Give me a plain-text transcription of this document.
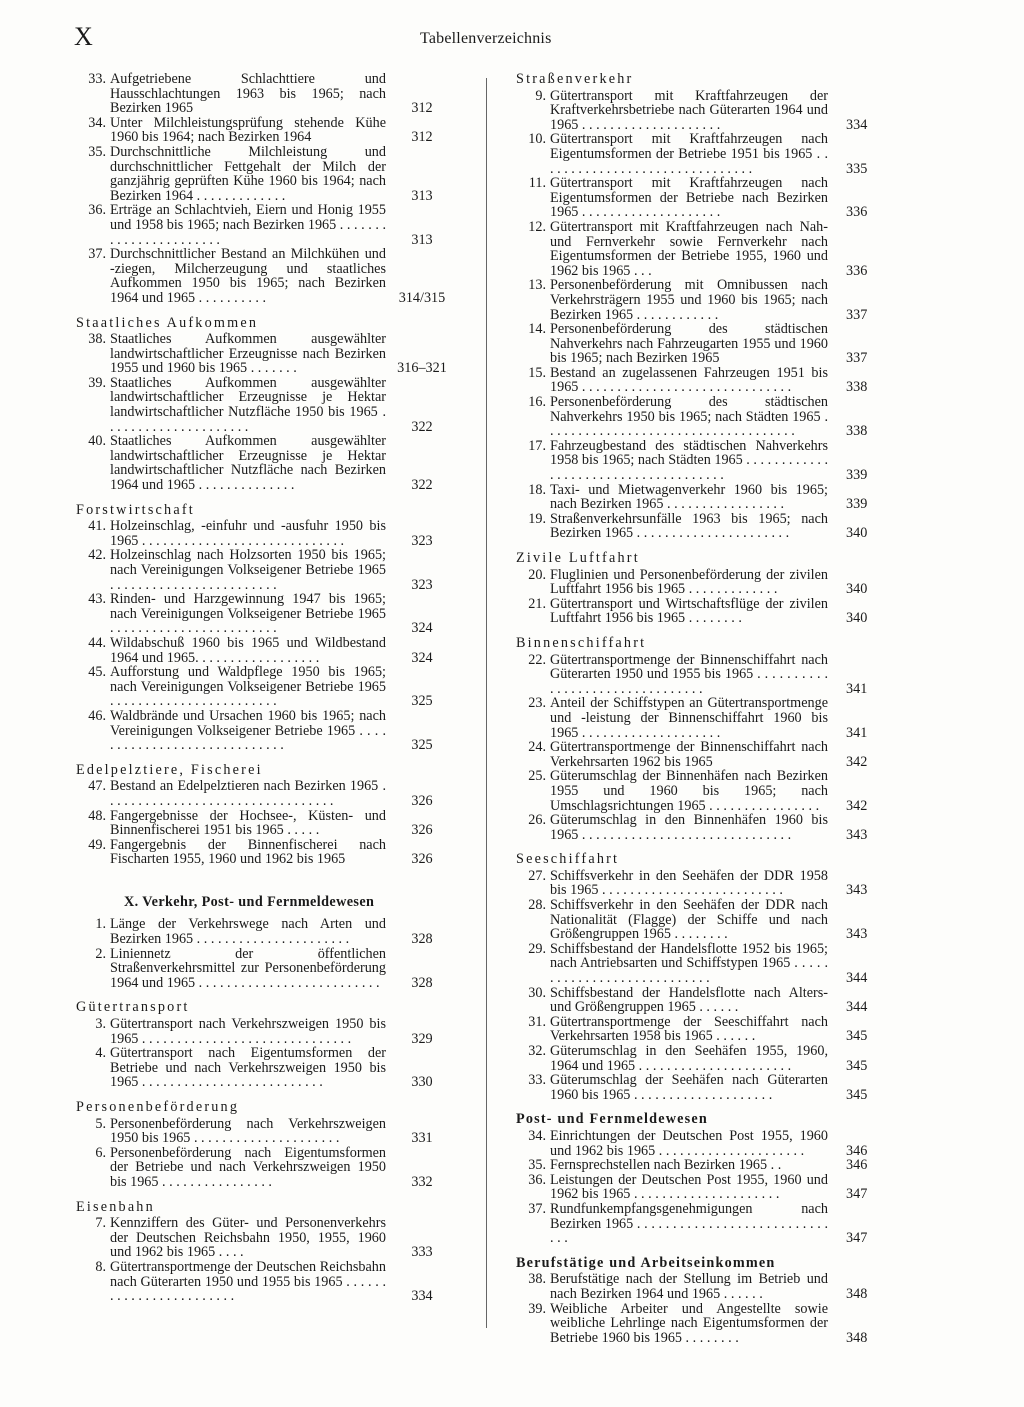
X	Tabellenverzeichnis
33. Aufgetriebene Schlachttiere und Hausschlachtungen 1963 bis 1965; nach Bezirken 1965	312
34. Unter Milchleistungsprüfung stehende Kühe 1960 bis 1964; nach Bezirken 1964	312
35. Durchschnittliche Milchleistung und durchschnittlicher Fettgehalt der Milch der ganzjährig geprüften Kühe 1960 bis 1964; nach Bezirken 1964 . . . . . . . . . . . . .	313
36. Erträge an Schlachtvieh, Eiern und Honig 1955 und 1958 bis 1965; nach Bezirken 1965 . . . . . . . . . . . . . . . . . . . . . . .	313
37. Durchschnittlicher Bestand an Milchkühen und -ziegen, Milcherzeugung und staatliches Aufkommen 1950 bis 1965; nach Bezirken 1964 und 1965 . . . . . . . . . .	314/315
Staatliches Aufkommen
38. Staatliches Aufkommen ausgewählter landwirtschaftlicher Erzeugnisse nach Bezirken 1955 und 1960 bis 1965 . . . . . . .	316–321
39. Staatliches Aufkommen ausgewählter landwirtschaftlicher Erzeugnisse je Hektar landwirtschaftlicher Nutzfläche 1950 bis 1965 . . . . . . . . . . . . . . . . . . . . .	322
40. Staatliches Aufkommen ausgewählter landwirtschaftlicher Erzeugnisse je Hektar landwirtschaftlicher Nutzfläche nach Bezirken 1964 und 1965 . . . . . . . . . . . . . .	322
Forstwirtschaft
41. Holzeinschlag, -einfuhr und -ausfuhr 1950 bis 1965 . . . . . . . . . . . . . . . . . . . . . . . . . . . . .	323
42. Holzeinschlag nach Holzsorten 1950 bis 1965; nach Vereinigungen Volkseigener Betriebe 1965 . . . . . . . . . . . . . . . . . . . . . . . .	323
43. Rinden- und Harzgewinnung 1947 bis 1965; nach Vereinigungen Volkseigener Betriebe 1965 . . . . . . . . . . . . . . . . . . . . . . . .	324
44. Wildabschuß 1960 bis 1965 und Wildbestand 1964 und 1965. . . . . . . . . . . . . . . . . .	324
45. Aufforstung und Waldpflege 1950 bis 1965; nach Vereinigungen Volkseigener Betriebe 1965 . . . . . . . . . . . . . . . . . . . . . . . .	325
46. Waldbrände und Ursachen 1960 bis 1965; nach Vereinigungen Volkseigener Betriebe 1965 . . . . . . . . . . . . . . . . . . . . . . . . . . . . .	325
Edelpelztiere, Fischerei
47. Bestand an Edelpelztieren nach Bezirken 1965 . . . . . . . . . . . . . . . . . . . . . . . . . . . . . . . . .	326
48. Fangergebnisse der Hochsee-, Küsten- und Binnenfischerei 1951 bis 1965 . . . . .	326
49. Fangergebnis der Binnenfischerei nach Fischarten 1955, 1960 und 1962 bis 1965	326
X. Verkehr, Post- und Fernmeldewesen
1. Länge der Verkehrswege nach Arten und Bezirken 1965 . . . . . . . . . . . . . . . . . . . . . .	328
2. Liniennetz der öffentlichen Straßenverkehrsmittel zur Personenbeförderung 1964 und 1965 . . . . . . . . . . . . . . . . . . . . . . . . . .	328
Gütertransport
3. Gütertransport nach Verkehrszweigen 1950 bis 1965 . . . . . . . . . . . . . . . . . . . . . . . . . . . . . .	329
4. Gütertransport nach Eigentumsformen der Betriebe und nach Verkehrszweigen 1950 bis 1965 . . . . . . . . . . . . . . . . . . . . . . . . . .	330
Personenbeförderung
5. Personenbeförderung nach Verkehrszweigen 1950 bis 1965 . . . . . . . . . . . . . . . . . . . . .	331
6. Personenbeförderung nach Eigentumsformen der Betriebe und nach Verkehrszweigen 1950 bis 1965 . . . . . . . . . . . . . . . .	332
Eisenbahn
7. Kennziffern des Güter- und Personenverkehrs der Deutschen Reichsbahn 1950, 1955, 1960 und 1962 bis 1965 . . . .	333
8. Gütertransportmenge der Deutschen Reichsbahn nach Güterarten 1950 und 1955 bis 1965 . . . . . . . . . . . . . . . . . . . . . . . .	334
Straßenverkehr
9. Gütertransport mit Kraftfahrzeugen der Kraftverkehrsbetriebe nach Güterarten 1964 und 1965 . . . . . . . . . . . . . . . . . . . .	334
10. Gütertransport mit Kraftfahrzeugen nach Eigentumsformen der Betriebe 1951 bis 1965 . . . . . . . . . . . . . . . . . . . . . . . . . . . . . . .	335
11. Gütertransport mit Kraftfahrzeugen nach Eigentumsformen der Betriebe nach Bezirken 1965 . . . . . . . . . . . . . . . . . . . .	336
12. Gütertransport mit Kraftfahrzeugen nach Nah- und Fernverkehr sowie Fernverkehr nach Eigentumsformen der Betriebe 1955, 1960 und 1962 bis 1965 . . .	336
13. Personenbeförderung mit Omnibussen nach Verkehrsträgern 1955 und 1960 bis 1965; nach Bezirken 1965 . . . . . . . . . . . .	337
14. Personenbeförderung des städtischen Nahverkehrs nach Fahrzeugarten 1955 und 1960 bis 1965; nach Bezirken 1965	337
15. Bestand an zugelassenen Fahrzeugen 1951 bis 1965 . . . . . . . . . . . . . . . . . . . . . . . . . . . . . .	338
16. Personenbeförderung des städtischen Nahverkehrs 1950 bis 1965; nach Städten 1965 . . . . . . . . . . . . . . . . . . . . . . . . . . . . . . . . . . . .	338
17. Fahrzeugbestand des städtischen Nahverkehrs 1958 bis 1965; nach Städten 1965 . . . . . . . . . . . . . . . . . . . . . . . . . . . . . . . . . . . . .	339
18. Taxi- und Mietwagenverkehr 1960 bis 1965; nach Bezirken 1965 . . . . . . . . . . . . . . . . .	339
19. Straßenverkehrsunfälle 1963 bis 1965; nach Bezirken 1965 . . . . . . . . . . . . . . . . . . . . . .	340
Zivile Luftfahrt
20. Fluglinien und Personenbeförderung der zivilen Luftfahrt 1956 bis 1965 . . . . . . . . . . . . .	340
21. Gütertransport und Wirtschaftsflüge der zivilen Luftfahrt 1956 bis 1965 . . . . . . . .	340
Binnenschiffahrt
22. Gütertransportmenge der Binnenschiffahrt nach Güterarten 1950 und 1955 bis 1965 . . . . . . . . . . . . . . . . . . . . . . . . . . . . . . . .	341
23. Anteil der Schiffstypen an Gütertransportmenge und -leistung der Binnenschiffahrt 1960 bis 1965 . . . . . . . . . . . . . . . . . . . .	341
24. Gütertransportmenge der Binnenschiffahrt nach Verkehrsarten 1962 bis 1965	342
25. Güterumschlag der Binnenhäfen nach Bezirken 1955 und 1960 bis 1965; nach Umschlagsrichtungen 1965 . . . . . . . . . . . . . . . .	342
26. Güterumschlag in den Binnenhäfen 1960 bis 1965 . . . . . . . . . . . . . . . . . . . . . . . . . . . . . .	343
Seeschiffahrt
27. Schiffsverkehr in den Seehäfen der DDR 1958 bis 1965 . . . . . . . . . . . . . . . . . . . . . . . . . .	343
28. Schiffsverkehr in den Seehäfen der DDR nach Nationalität (Flagge) der Schiffe und nach Größengruppen 1965 . . . . . . . .	343
29. Schiffsbestand der Handelsflotte 1952 bis 1965; nach Antriebsarten und Schiffstypen 1965 . . . . . . . . . . . . . . . . . . . . . . . . . . . .	344
30. Schiffsbestand der Handelsflotte nach Alters- und Größengruppen 1965 . . . . . .	344
31. Gütertransportmenge der Seeschiffahrt nach Verkehrsarten 1958 bis 1965 . . . . . .	345
32. Güterumschlag in den Seehäfen 1955, 1960, 1964 und 1965 . . . . . . . . . . . . . . . . . . . . . .	345
33. Güterumschlag der Seehäfen nach Güterarten 1960 bis 1965 . . . . . . . . . . . . . . . . . . . .	345
Post- und Fernmeldewesen
34. Einrichtungen der Deutschen Post 1955, 1960 und 1962 bis 1965 . . . . . . . . . . . . . . . . . . . . .	346
35. Fernsprechstellen nach Bezirken 1965 . .	346
36. Leistungen der Deutschen Post 1955, 1960 und 1962 bis 1965 . . . . . . . . . . . . . . . . . . . . .	347
37. Rundfunkempfangsgenehmigungen nach Bezirken 1965 . . . . . . . . . . . . . . . . . . . . . . . . . . . . . .	347
Berufstätige und Arbeitseinkommen
38. Berufstätige nach der Stellung im Betrieb und nach Bezirken 1964 und 1965 . . . . . .	348
39. Weibliche Arbeiter und Angestellte sowie weibliche Lehrlinge nach Eigentumsformen der Betriebe 1960 bis 1965 . . . . . . . .	348
